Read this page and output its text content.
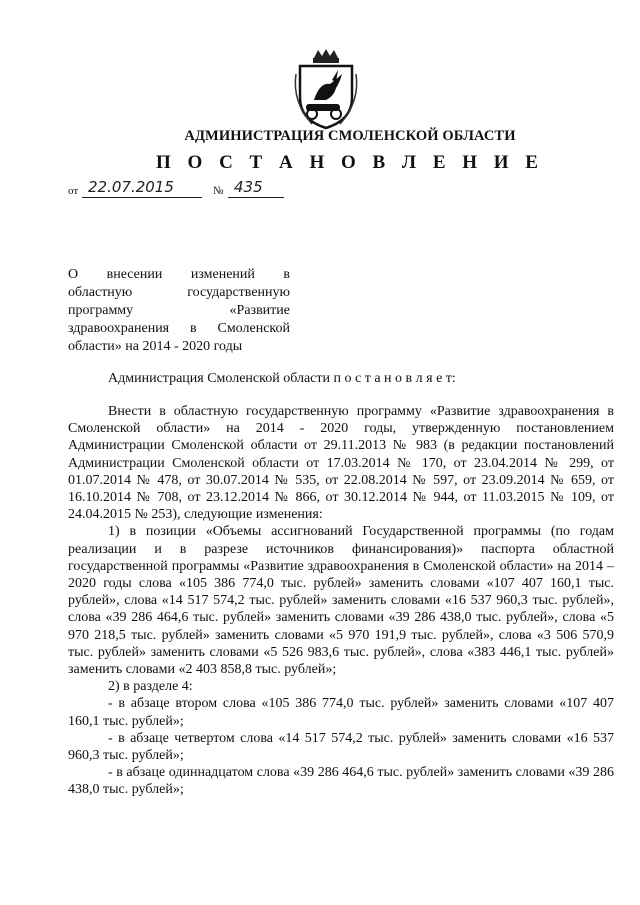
АДМИНИСТРАЦИЯ СМОЛЕНСКОЙ ОБЛАСТИ
П О С Т А Н О В Л Е Н И Е
от 22.07.2015	№ 435
О внесении изменений в
областную государственную
программу «Развитие
здравоохранения в Смоленской
области» на 2014 - 2020 годы

Администрация Смоленской области п о с т а н о в л я е т:

Внести в областную государственную программу «Развитие здравоохранения в Смоленской области» на 2014 - 2020 годы, утвержденную постановлением Администрации Смоленской области от 29.11.2013 № 983 (в редакции постановлений Администрации Смоленской области от 17.03.2014 № 170, от 23.04.2014 № 299, от 01.07.2014 № 478, от 30.07.2014 № 535, от 22.08.2014 № 597, от 23.09.2014 № 659, от 16.10.2014 № 708, от 23.12.2014 № 866, от 30.12.2014 № 944, от 11.03.2015 № 109, от 24.04.2015 № 253), следующие изменения:

1) в позиции «Объемы ассигнований Государственной программы (по годам реализации и в разрезе источников финансирования)» паспорта областной государственной программы «Развитие здравоохранения в Смоленской области» на 2014 – 2020 годы слова «105 386 774,0 тыс. рублей» заменить словами «107 407 160,1 тыс. рублей», слова «14 517 574,2 тыс. рублей» заменить словами «16 537 960,3 тыс. рублей», слова «39 286 464,6 тыс. рублей» заменить словами «39 286 438,0 тыс. рублей», слова «5 970 218,5 тыс. рублей» заменить словами «5 970 191,9 тыс. рублей», слова «3 506 570,9 тыс. рублей» заменить словами «5 526 983,6 тыс. рублей», слова «383 446,1 тыс. рублей» заменить словами «2 403 858,8 тыс. рублей»;

2) в разделе 4:

- в абзаце втором слова «105 386 774,0 тыс. рублей» заменить словами «107 407 160,1 тыс. рублей»;

- в абзаце четвертом слова «14 517 574,2 тыс. рублей» заменить словами «16 537 960,3 тыс. рублей»;

- в абзаце одиннадцатом слова «39 286 464,6 тыс. рублей» заменить словами «39 286 438,0 тыс. рублей»;
